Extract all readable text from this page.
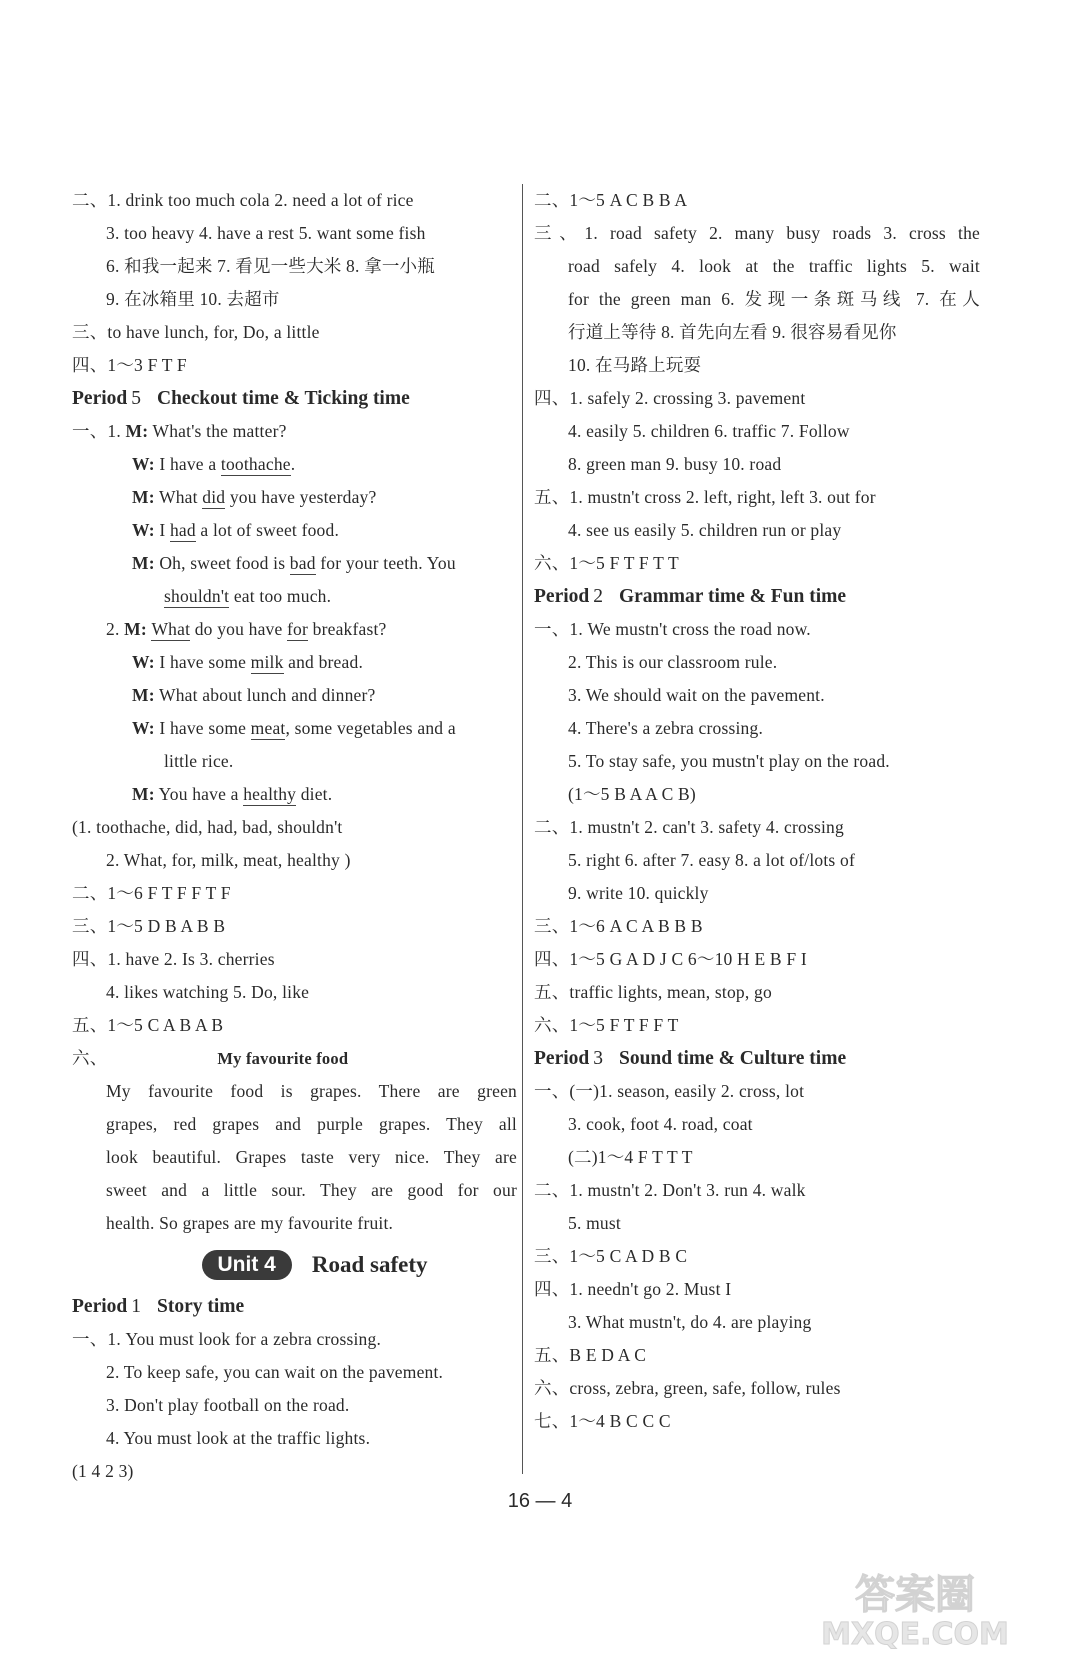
二、1. drink too much cola 2. need a lot of rice
3. too heavy 4. have a rest 5. want some fish
6. 和我一起来 7. 看见一些大米 8. 拿一小瓶
9. 在冰箱里 10. 去超市
三、to have lunch, for, Do, a little
四、1～3 F T F
Period 5 Checkout time & Ticking time
一、1. M: What's the matter?
W: I have a toothache.
M: What did you have yesterday?
W: I had a lot of sweet food.
M: Oh, sweet food is bad for your teeth. You
shouldn't eat too much.
2. M: What do you have for breakfast?
W: I have some milk and bread.
M: What about lunch and dinner?
W: I have some meat, some vegetables and a
little rice.
M: You have a healthy diet.
(1. toothache, did, had, bad, shouldn't
2. What, for, milk, meat, healthy )
二、1～6 F T F F T F
三、1～5 D B A B B
四、1. have 2. Is 3. cherries
4. likes watching 5. Do, like
五、1～5 C A B A B
六、	My favourite food
My favourite food is grapes. There are green
grapes, red grapes and purple grapes. They all
look beautiful. Grapes taste very nice. They are
sweet and a little sour. They are good for our
health. So grapes are my favourite fruit.
Unit 4	Road safety
Period 1 Story time
一、1. You must look for a zebra crossing.
2. To keep safe, you can wait on the pavement.
3. Don't play football on the road.
4. You must look at the traffic lights.
(1 4 2 3)
二、1～5 A C B B A
三、1. road safety 2. many busy roads 3. cross the
road safely 4. look at the traffic lights 5. wait
for the green man 6. 发现一条斑马线 7. 在人
行道上等待 8. 首先向左看 9. 很容易看见你
10. 在马路上玩耍
四、1. safely 2. crossing 3. pavement
4. easily 5. children 6. traffic 7. Follow
8. green man 9. busy 10. road
五、1. mustn't cross 2. left, right, left 3. out for
4. see us easily 5. children run or play
六、1～5 F T F T T
Period 2 Grammar time & Fun time
一、1. We mustn't cross the road now.
2. This is our classroom rule.
3. We should wait on the pavement.
4. There's a zebra crossing.
5. To stay safe, you mustn't play on the road.
(1～5 B A A C B)
二、1. mustn't 2. can't 3. safety 4. crossing
5. right 6. after 7. easy 8. a lot of/lots of
9. write 10. quickly
三、1～6 A C A B B B
四、1～5 G A D J C 6～10 H E B F I
五、traffic lights, mean, stop, go
六、1～5 F T F F T
Period 3 Sound time & Culture time
一、(一)1. season, easily 2. cross, lot
3. cook, foot 4. road, coat
(二)1～4 F T T T
二、1. mustn't 2. Don't 3. run 4. walk
5. must
三、1～5 C A D B C
四、1. needn't go 2. Must I
3. What mustn't, do 4. are playing
五、B E D A C
六、cross, zebra, green, safe, follow, rules
七、1～4 B C C C
16 — 4
答案圈
MXQE.COM
